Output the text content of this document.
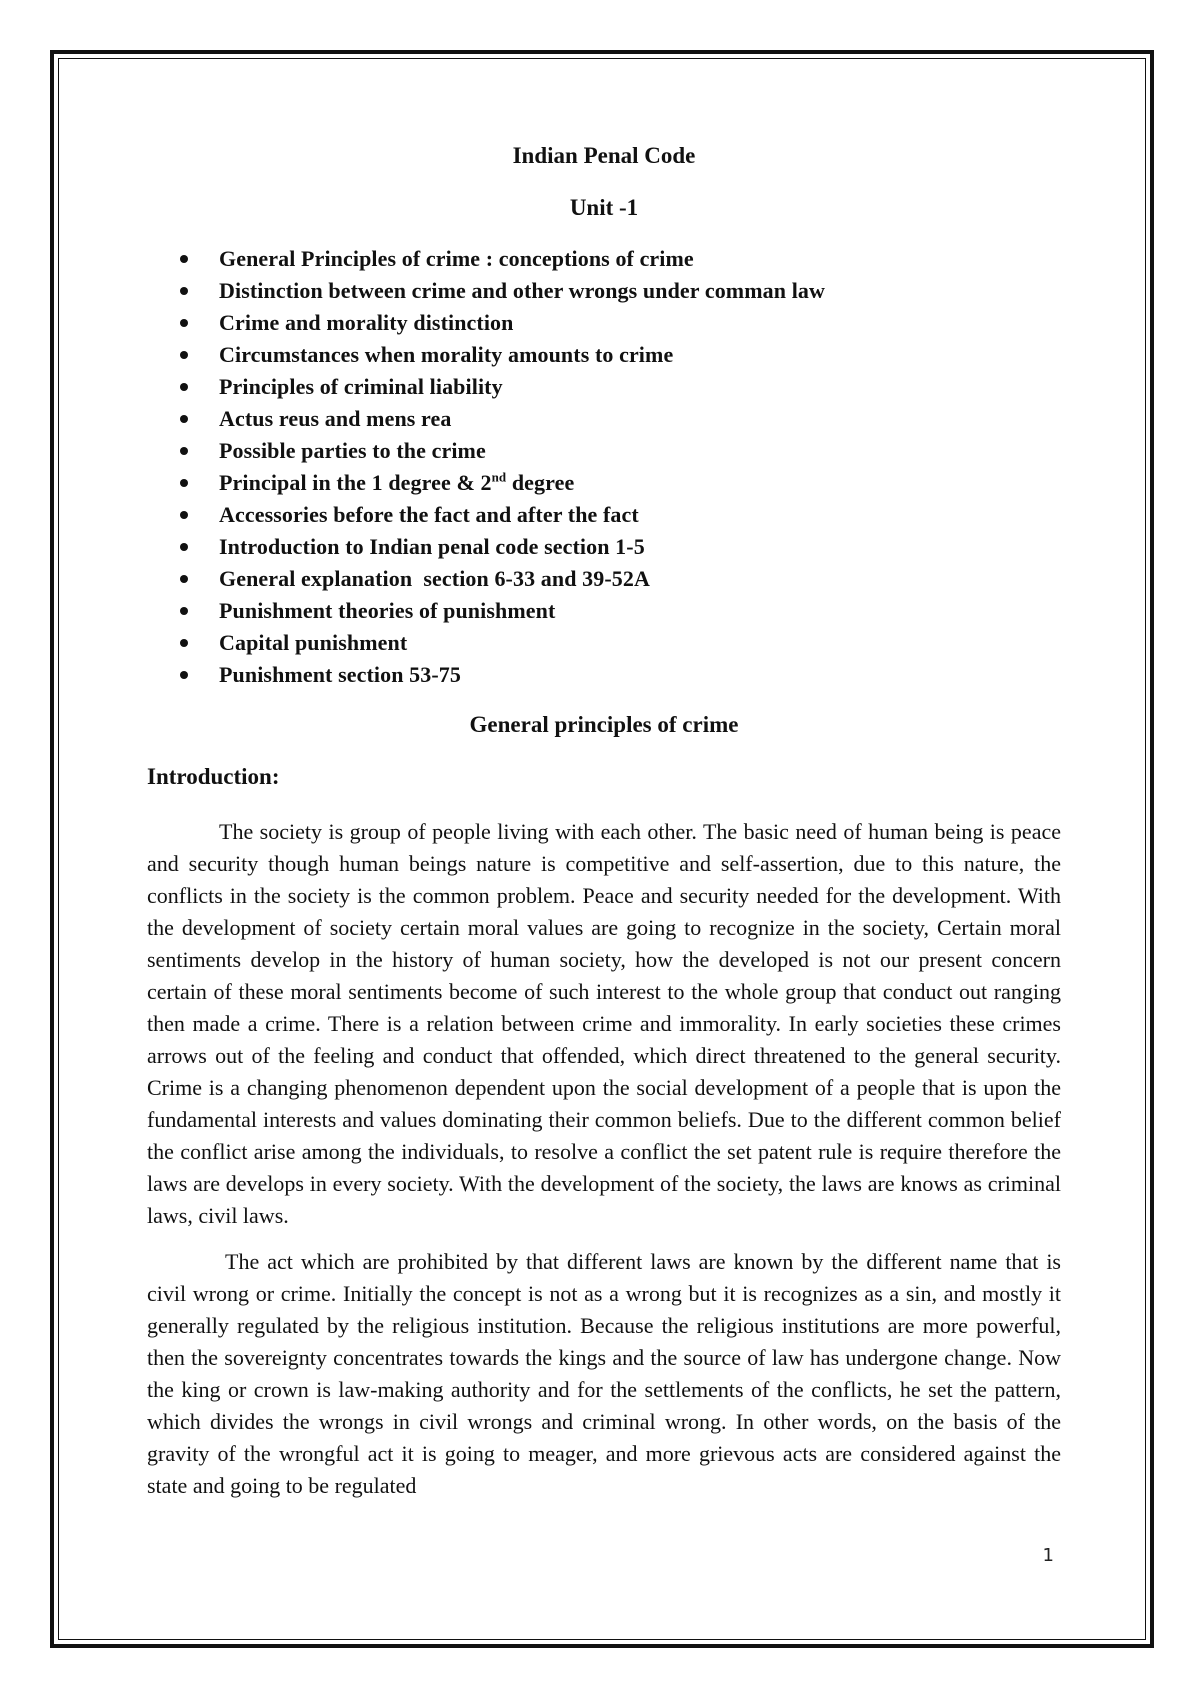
Indian Penal Code
Unit -1
General Principles of crime : conceptions of crime
Distinction between crime and other wrongs under comman law
Crime and morality distinction
Circumstances when morality amounts to crime
Principles of criminal liability
Actus reus and mens rea
Possible parties to the crime
Principal in the 1 degree & 2nd degree
Accessories before the fact and after the fact
Introduction to Indian penal code section 1-5
General explanation  section 6-33 and 39-52A
Punishment theories of punishment
Capital punishment
Punishment section 53-75
General principles of crime
Introduction:

The society is group of people living with each other. The basic need of human being is peace and security though human beings nature is competitive and self-assertion, due to this nature, the conflicts in the society is the common problem. Peace and security needed for the development. With the development of society certain moral values are going to recognize in the society, Certain moral sentiments develop in the history of human society, how the developed is not our present concern certain of these moral sentiments become of such interest to the whole group that conduct out ranging then made a crime. There is a relation between crime and immorality. In early societies these crimes arrows out of the feeling and conduct that offended, which direct threatened to the general security. Crime is a changing phenomenon dependent upon the social development of a people that is upon the fundamental interests and values dominating their common beliefs. Due to the different common belief the conflict arise among the individuals, to resolve a conflict the set patent rule is require therefore the laws are develops in every society. With the development of the society, the laws are knows as criminal laws, civil laws.

The act which are prohibited by that different laws are known by the different name that is civil wrong or crime. Initially the concept is not as a wrong but it is recognizes as a sin, and mostly it generally regulated by the religious institution. Because the religious institutions are more powerful, then the sovereignty concentrates towards the kings and the source of law has undergone change. Now the king or crown is law-making authority and for the settlements of the conflicts, he set the pattern, which divides the wrongs in civil wrongs and criminal wrong. In other words, on the basis of the gravity of the wrongful act it is going to meager, and more grievous acts are considered against the state and going to be regulated

1
